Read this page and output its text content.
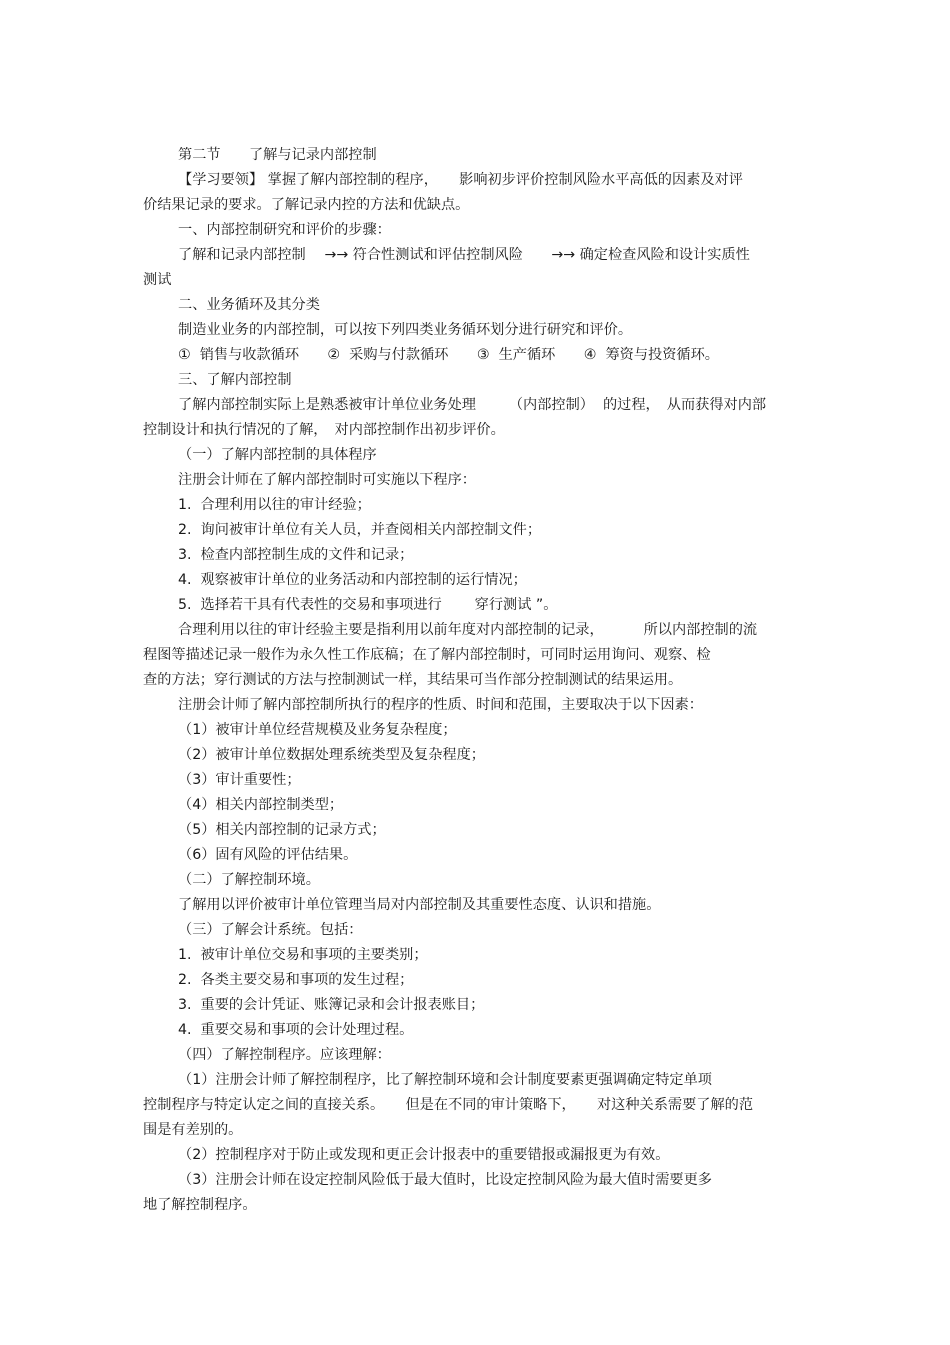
第二节　　了解与记录内部控制
【学习要领】 掌握了解内部控制的程序，　　影响初步评价控制风险水平高低的因素及对评
价结果记录的要求。了解记录内控的方法和优缺点。
一、内部控制研究和评价的步骤：
了解和记录内部控制　 →→ 符合性测试和评估控制风险　　→→ 确定检查风险和设计实质性
测试
二、业务循环及其分类
制造业业务的内部控制，可以按下列四类业务循环划分进行研究和评价。
①  销售与收款循环　　②  采购与付款循环　　③  生产循环　　④  筹资与投资循环。
三、了解内部控制
了解内部控制实际上是熟悉被审计单位业务处理　　 （内部控制）  的过程，　从而获得对内部
控制设计和执行情况的了解，　对内部控制作出初步评价。
（一）了解内部控制的具体程序
注册会计师在了解内部控制时可实施以下程序：
1.  合理利用以往的审计经验；
2.  询问被审计单位有关人员，并查阅相关内部控制文件；
3.  检查内部控制生成的文件和记录；
4.  观察被审计单位的业务活动和内部控制的运行情况；
5.  选择若干具有代表性的交易和事项进行　　 穿行测试 ”。
合理利用以往的审计经验主要是指利用以前年度对内部控制的记录，　　　 所以内部控制的流
程图等描述记录一般作为永久性工作底稿；在了解内部控制时，可同时运用询问、观察、检
查的方法；穿行测试的方法与控制测试一样，其结果可当作部分控制测试的结果运用。
注册会计师了解内部控制所执行的程序的性质、时间和范围，主要取决于以下因素：
（1）被审计单位经营规模及业务复杂程度；
（2）被审计单位数据处理系统类型及复杂程度；
（3）审计重要性；
（4）相关内部控制类型；
（5）相关内部控制的记录方式；
（6）固有风险的评估结果。
（二）了解控制环境。
了解用以评价被审计单位管理当局对内部控制及其重要性态度、认识和措施。
（三）了解会计系统。包括：
1.  被审计单位交易和事项的主要类别；
2.  各类主要交易和事项的发生过程；
3.  重要的会计凭证、账簿记录和会计报表账目；
4.  重要交易和事项的会计处理过程。
（四）了解控制程序。应该理解：
（1）注册会计师了解控制程序，比了解控制环境和会计制度要素更强调确定特定单项
控制程序与特定认定之间的直接关系。　　但是在不同的审计策略下，　　对这种关系需要了解的范
围是有差别的。
（2）控制程序对于防止或发现和更正会计报表中的重要错报或漏报更为有效。
（3）注册会计师在设定控制风险低于最大值时，比设定控制风险为最大值时需要更多
地了解控制程序。
